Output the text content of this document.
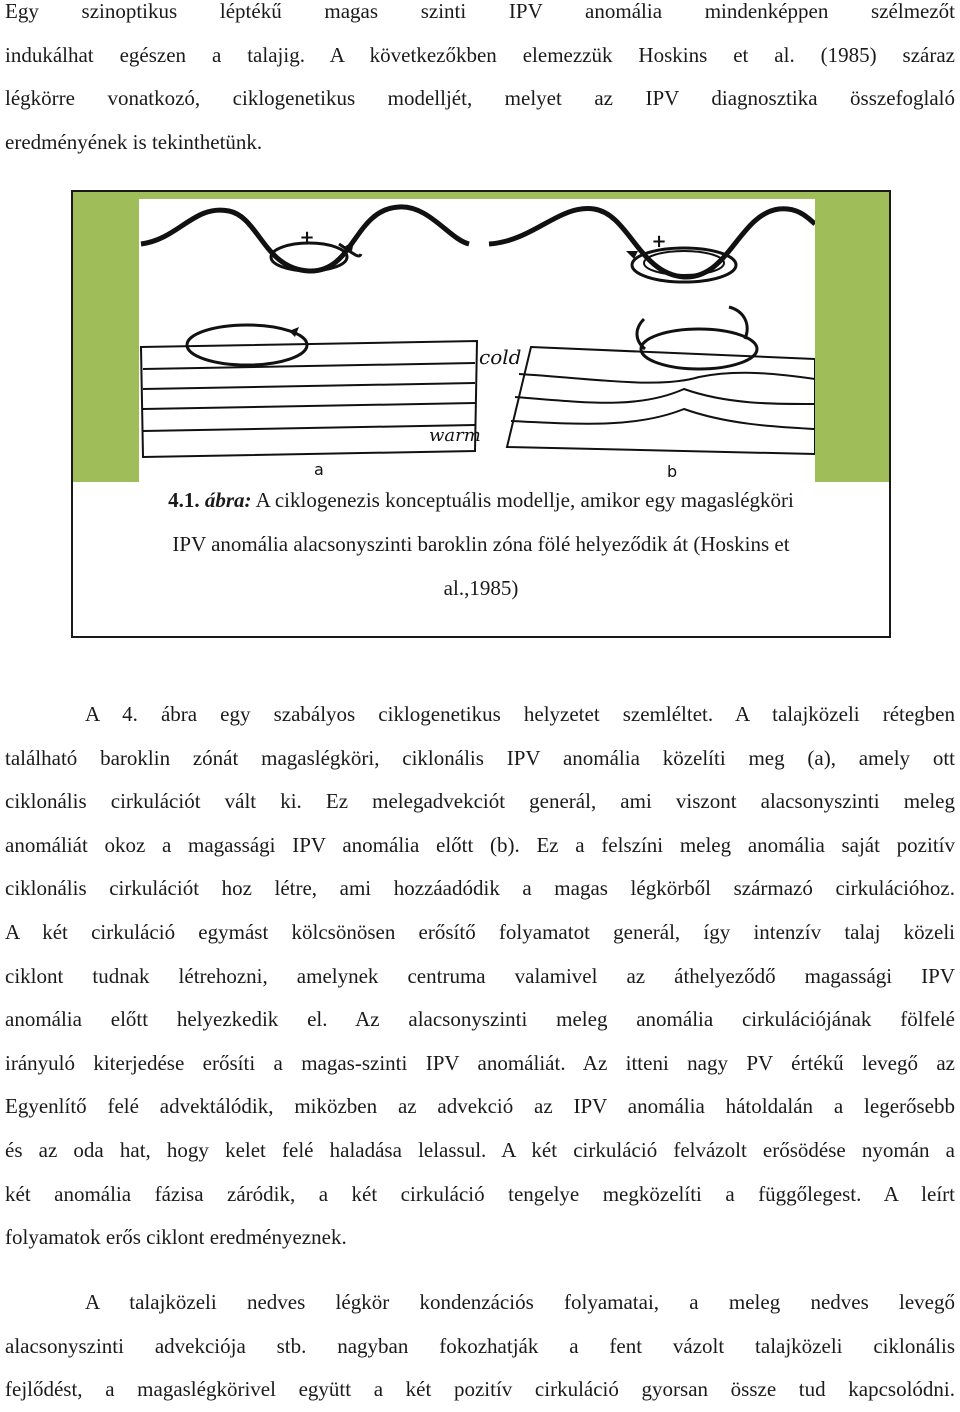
Egy szinoptikus léptékű magas szinti IPV anomália mindenképpen szélmezőt
indukálhat egészen a talajig. A következőkben elemezzük Hoskins et al. (1985) száraz
légkörre vonatkozó, ciklogenetikus modelljét, melyet az IPV diagnosztika összefoglaló
eredményének is tekinthetünk.

+	+
cold
warm
a	b
4.1. ábra: A ciklogenezis konceptuális modellje, amikor egy magaslégköri
IPV anomália alacsonyszinti baroklin zóna fölé helyeződik át (Hoskins et
al.,1985)

A 4. ábra egy szabályos ciklogenetikus helyzetet szemléltet. A talajközeli rétegben
található baroklin zónát magaslégköri, ciklonális IPV anomália közelíti meg (a), amely ott
ciklonális cirkulációt vált ki. Ez melegadvekciót generál, ami viszont alacsonyszinti meleg
anomáliát okoz a magassági IPV anomália előtt (b). Ez a felszíni meleg anomália saját pozitív
ciklonális cirkulációt hoz létre, ami hozzáadódik a magas légkörből származó cirkulációhoz.
A két cirkuláció egymást kölcsönösen erősítő folyamatot generál, így intenzív talaj közeli
ciklont tudnak létrehozni, amelynek centruma valamivel az áthelyeződő magassági IPV
anomália előtt helyezkedik el. Az alacsonyszinti meleg anomália cirkulációjának fölfelé
irányuló kiterjedése erősíti a magas-szinti IPV anomáliát. Az itteni nagy PV értékű levegő az
Egyenlítő felé advektálódik, miközben az advekció az IPV anomália hátoldalán a legerősebb
és az oda hat, hogy kelet felé haladása lelassul. A két cirkuláció felvázolt erősödése nyomán a
két anomália fázisa záródik, a két cirkuláció tengelye megközelíti a függőlegest. A leírt
folyamatok erős ciklont eredményeznek.

A talajközeli nedves légkör kondenzációs folyamatai, a meleg nedves levegő
alacsonyszinti advekciója stb. nagyban fokozhatják a fent vázolt talajközeli ciklonális
fejlődést, a magaslégkörivel együtt a két pozitív cirkuláció gyorsan össze tud kapcsolódni.
